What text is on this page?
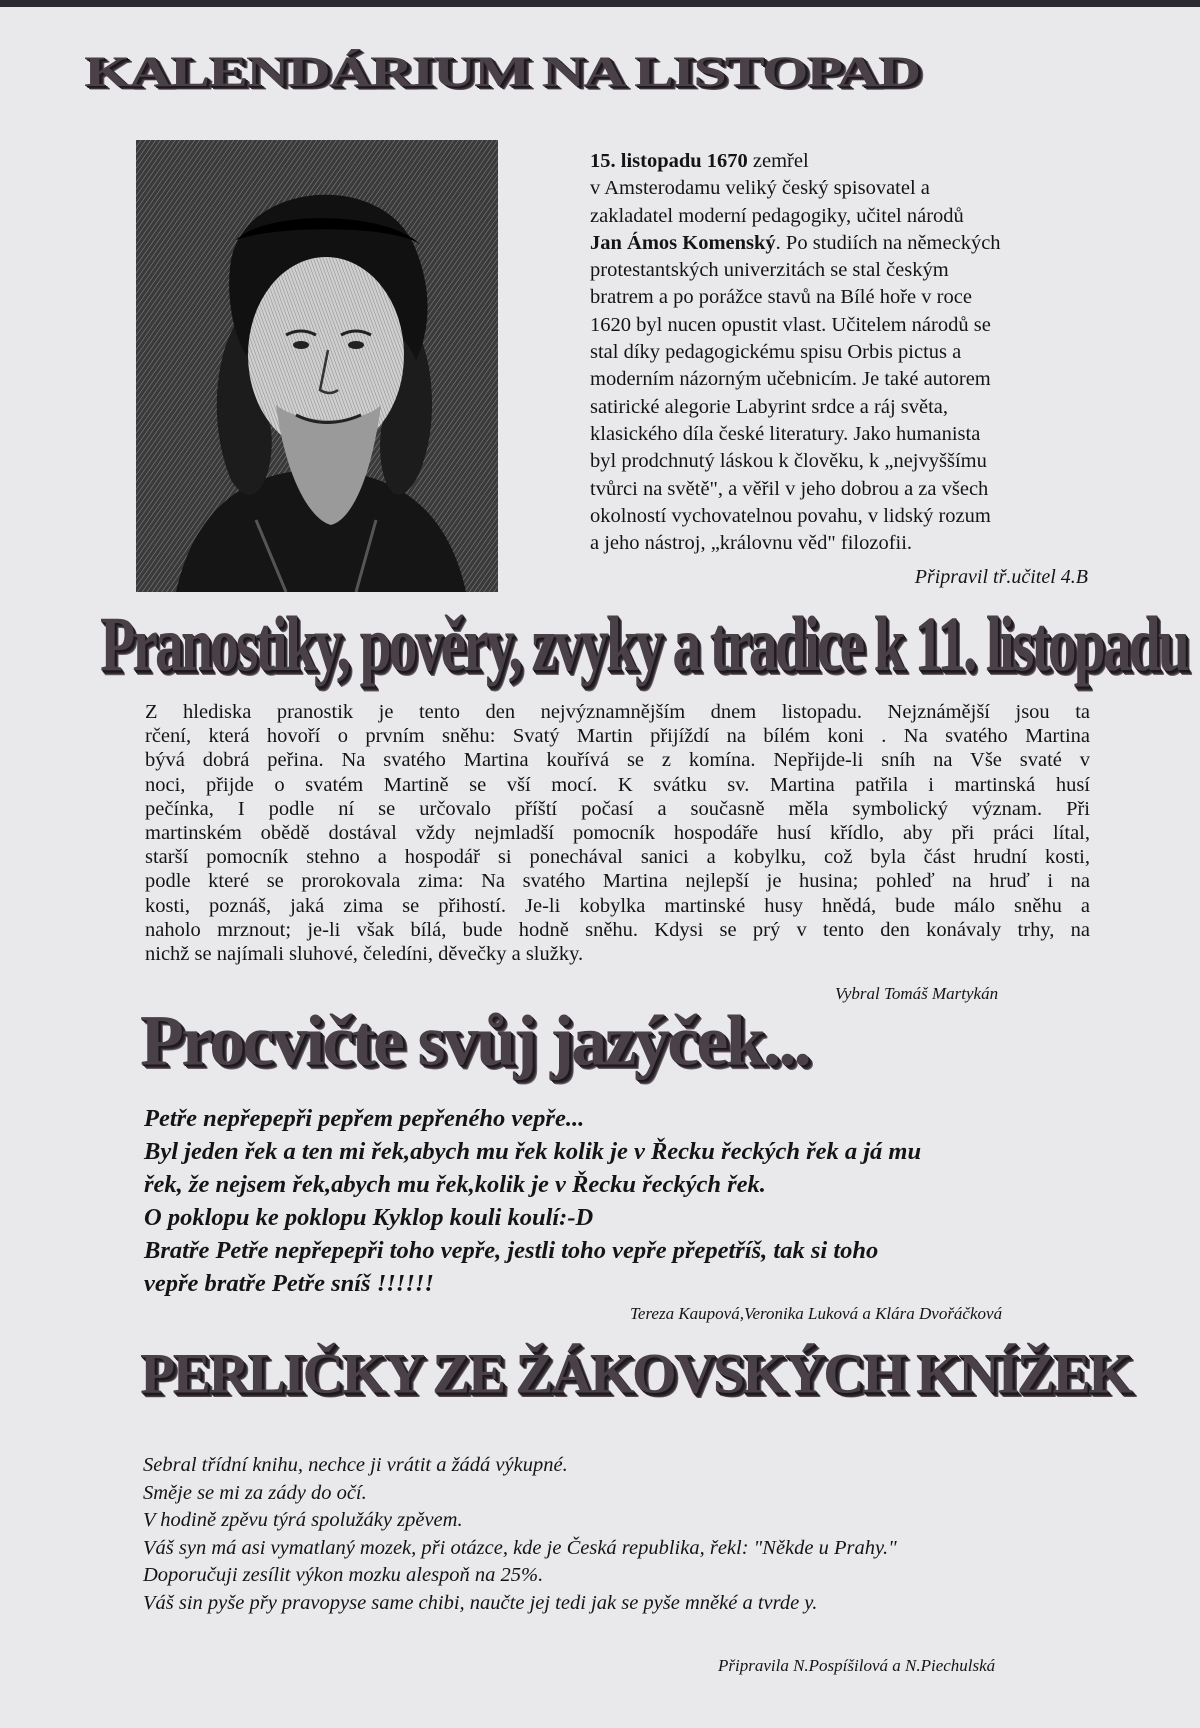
KALENDÁRIUM NA LISTOPAD
15. listopadu 1670 zemřel
v Amsterodamu veliký český spisovatel a
zakladatel moderní pedagogiky, učitel národů
Jan Ámos Komenský. Po studiích na německých
protestantských univerzitách se stal českým
bratrem a po porážce stavů na Bílé hoře v roce
1620 byl nucen opustit vlast. Učitelem národů se
stal díky pedagogickému spisu Orbis pictus a
moderním názorným učebnicím. Je také autorem
satirické alegorie Labyrint srdce a ráj světa,
klasického díla české literatury. Jako humanista
byl prodchnutý láskou k člověku, k „nejvyššímu
tvůrci na světě", a věřil v jeho dobrou a za všech
okolností vychovatelnou povahu, v lidský rozum
a jeho nástroj, „královnu věd" filozofii.
Připravil tř.učitel 4.B
Pranostiky, pověry, zvyky a tradice k 11. listopadu
Z hlediska pranostik je tento den nejvýznamnějším dnem listopadu. Nejznámější jsou ta
rčení, která hovoří o prvním sněhu: Svatý Martin přijíždí na bílém koni . Na svatého Martina
bývá dobrá peřina. Na svatého Martina kouřívá se z komína. Nepřijde-li sníh na Vše svaté v
noci, přijde o svatém Martině se vší mocí. K svátku sv. Martina patřila i martinská husí
pečínka, I podle ní se určovalo příští počasí a současně měla symbolický význam. Při
martinském obědě dostával vždy nejmladší pomocník hospodáře husí křídlo, aby při práci lítal,
starší pomocník stehno a hospodář si ponechával sanici a kobylku, což byla část hrudní kosti,
podle které se prorokovala zima: Na svatého Martina nejlepší je husina; pohleď na hruď i na
kosti, poznáš, jaká zima se přihostí. Je-li kobylka martinské husy hnědá, bude málo sněhu a
naholo mrznout; je-li však bílá, bude hodně sněhu. Kdysi se prý v tento den konávaly trhy, na
nichž se najímali sluhové, čeledíni, děvečky a služky.
Vybral Tomáš Martykán
Procvičte svůj jazýček...
Petře nepřepepři pepřem pepřeného vepře...
Byl jeden řek a ten mi řek,abych mu řek kolik je v Řecku řeckých řek a já mu
řek, že nejsem řek,abych mu řek,kolik je v Řecku řeckých řek.
O poklopu ke poklopu Kyklop kouli koulí:-D
Bratře Petře nepřepepři toho vepře, jestli toho vepře přepetříš, tak si toho
vepře bratře Petře sníš !!!!!!
Tereza Kaupová,Veronika Luková a Klára Dvořáčková
PERLIČKY ZE ŽÁKOVSKÝCH KNÍŽEK
Sebral třídní knihu, nechce ji vrátit a žádá výkupné.
Směje se mi za zády do očí.
V hodině zpěvu týrá spolužáky zpěvem.
Váš syn má asi vymatlaný mozek, při otázce, kde je Česká republika, řekl: "Někde u Prahy."
Doporučuji zesílit výkon mozku alespoň na 25%.
Váš sin pyše přy pravopyse same chibi, naučte jej tedi jak se pyše mněké a tvrde y.
Připravila N.Pospíšilová a N.Piechulská
